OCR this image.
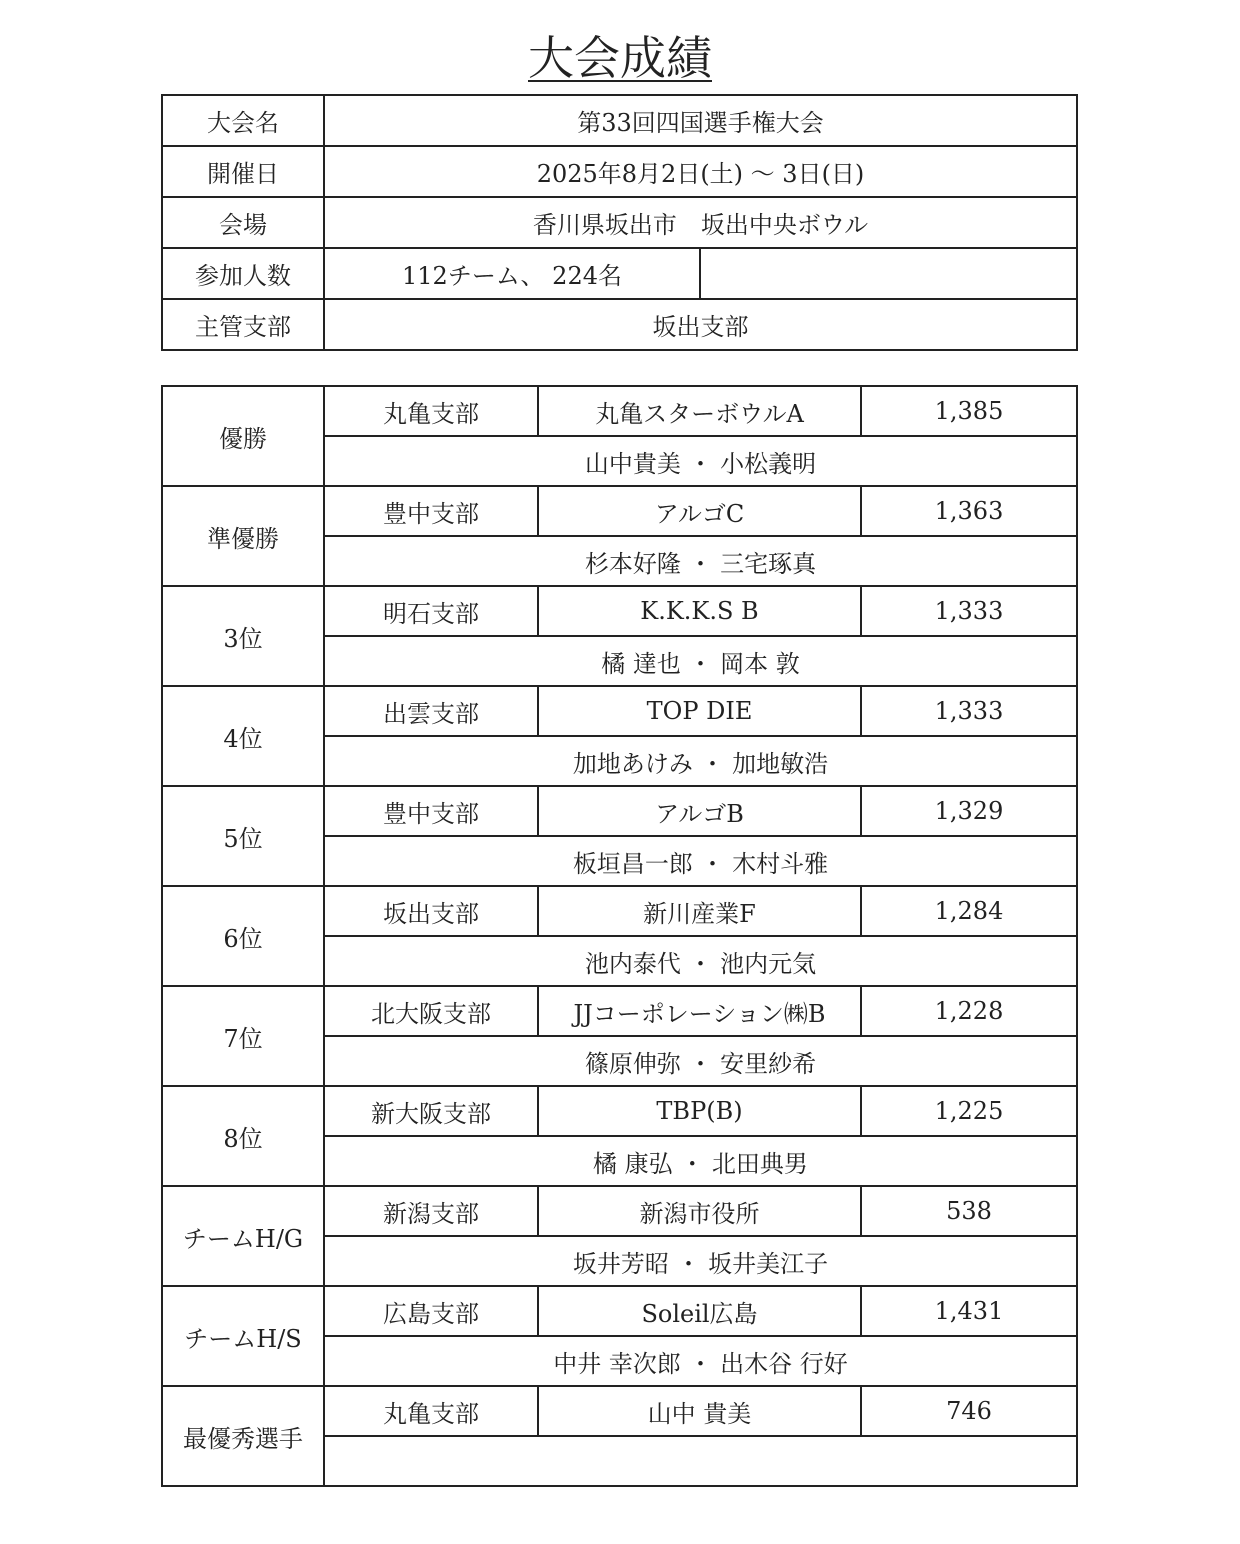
大会成績
大会名	第33回四国選手権大会	
開催日	2025年8月2日(土) 〜 3日(日)	
会場	香川県坂出市　坂出中央ボウル	
参加人数	112チーム、 224名	
主管支部	坂出支部	
優勝	丸亀支部	丸亀スターボウルA	1,385
	山中貴美 ・ 小松義明		
準優勝	豊中支部	アルゴC	1,363
	杉本好隆 ・ 三宅琢真		
3位	明石支部	K.K.K.S B	1,333
	橘 達也 ・ 岡本 敦		
4位	出雲支部	TOP DIE	1,333
	加地あけみ ・ 加地敏浩		
5位	豊中支部	アルゴB	1,329
	板垣昌一郎 ・ 木村斗雅		
6位	坂出支部	新川産業F	1,284
	池内泰代 ・ 池内元気		
7位	北大阪支部	JJコーポレーション㈱B	1,228
	篠原伸弥 ・ 安里紗希		
8位	新大阪支部	TBP(B)	1,225
	橘 康弘 ・ 北田典男		
チームH/G	新潟支部	新潟市役所	538
	坂井芳昭 ・ 坂井美江子		
チームH/S	広島支部	Soleil広島	1,431
	中井 幸次郎 ・ 出木谷 行好		
最優秀選手	丸亀支部	山中 貴美	746
